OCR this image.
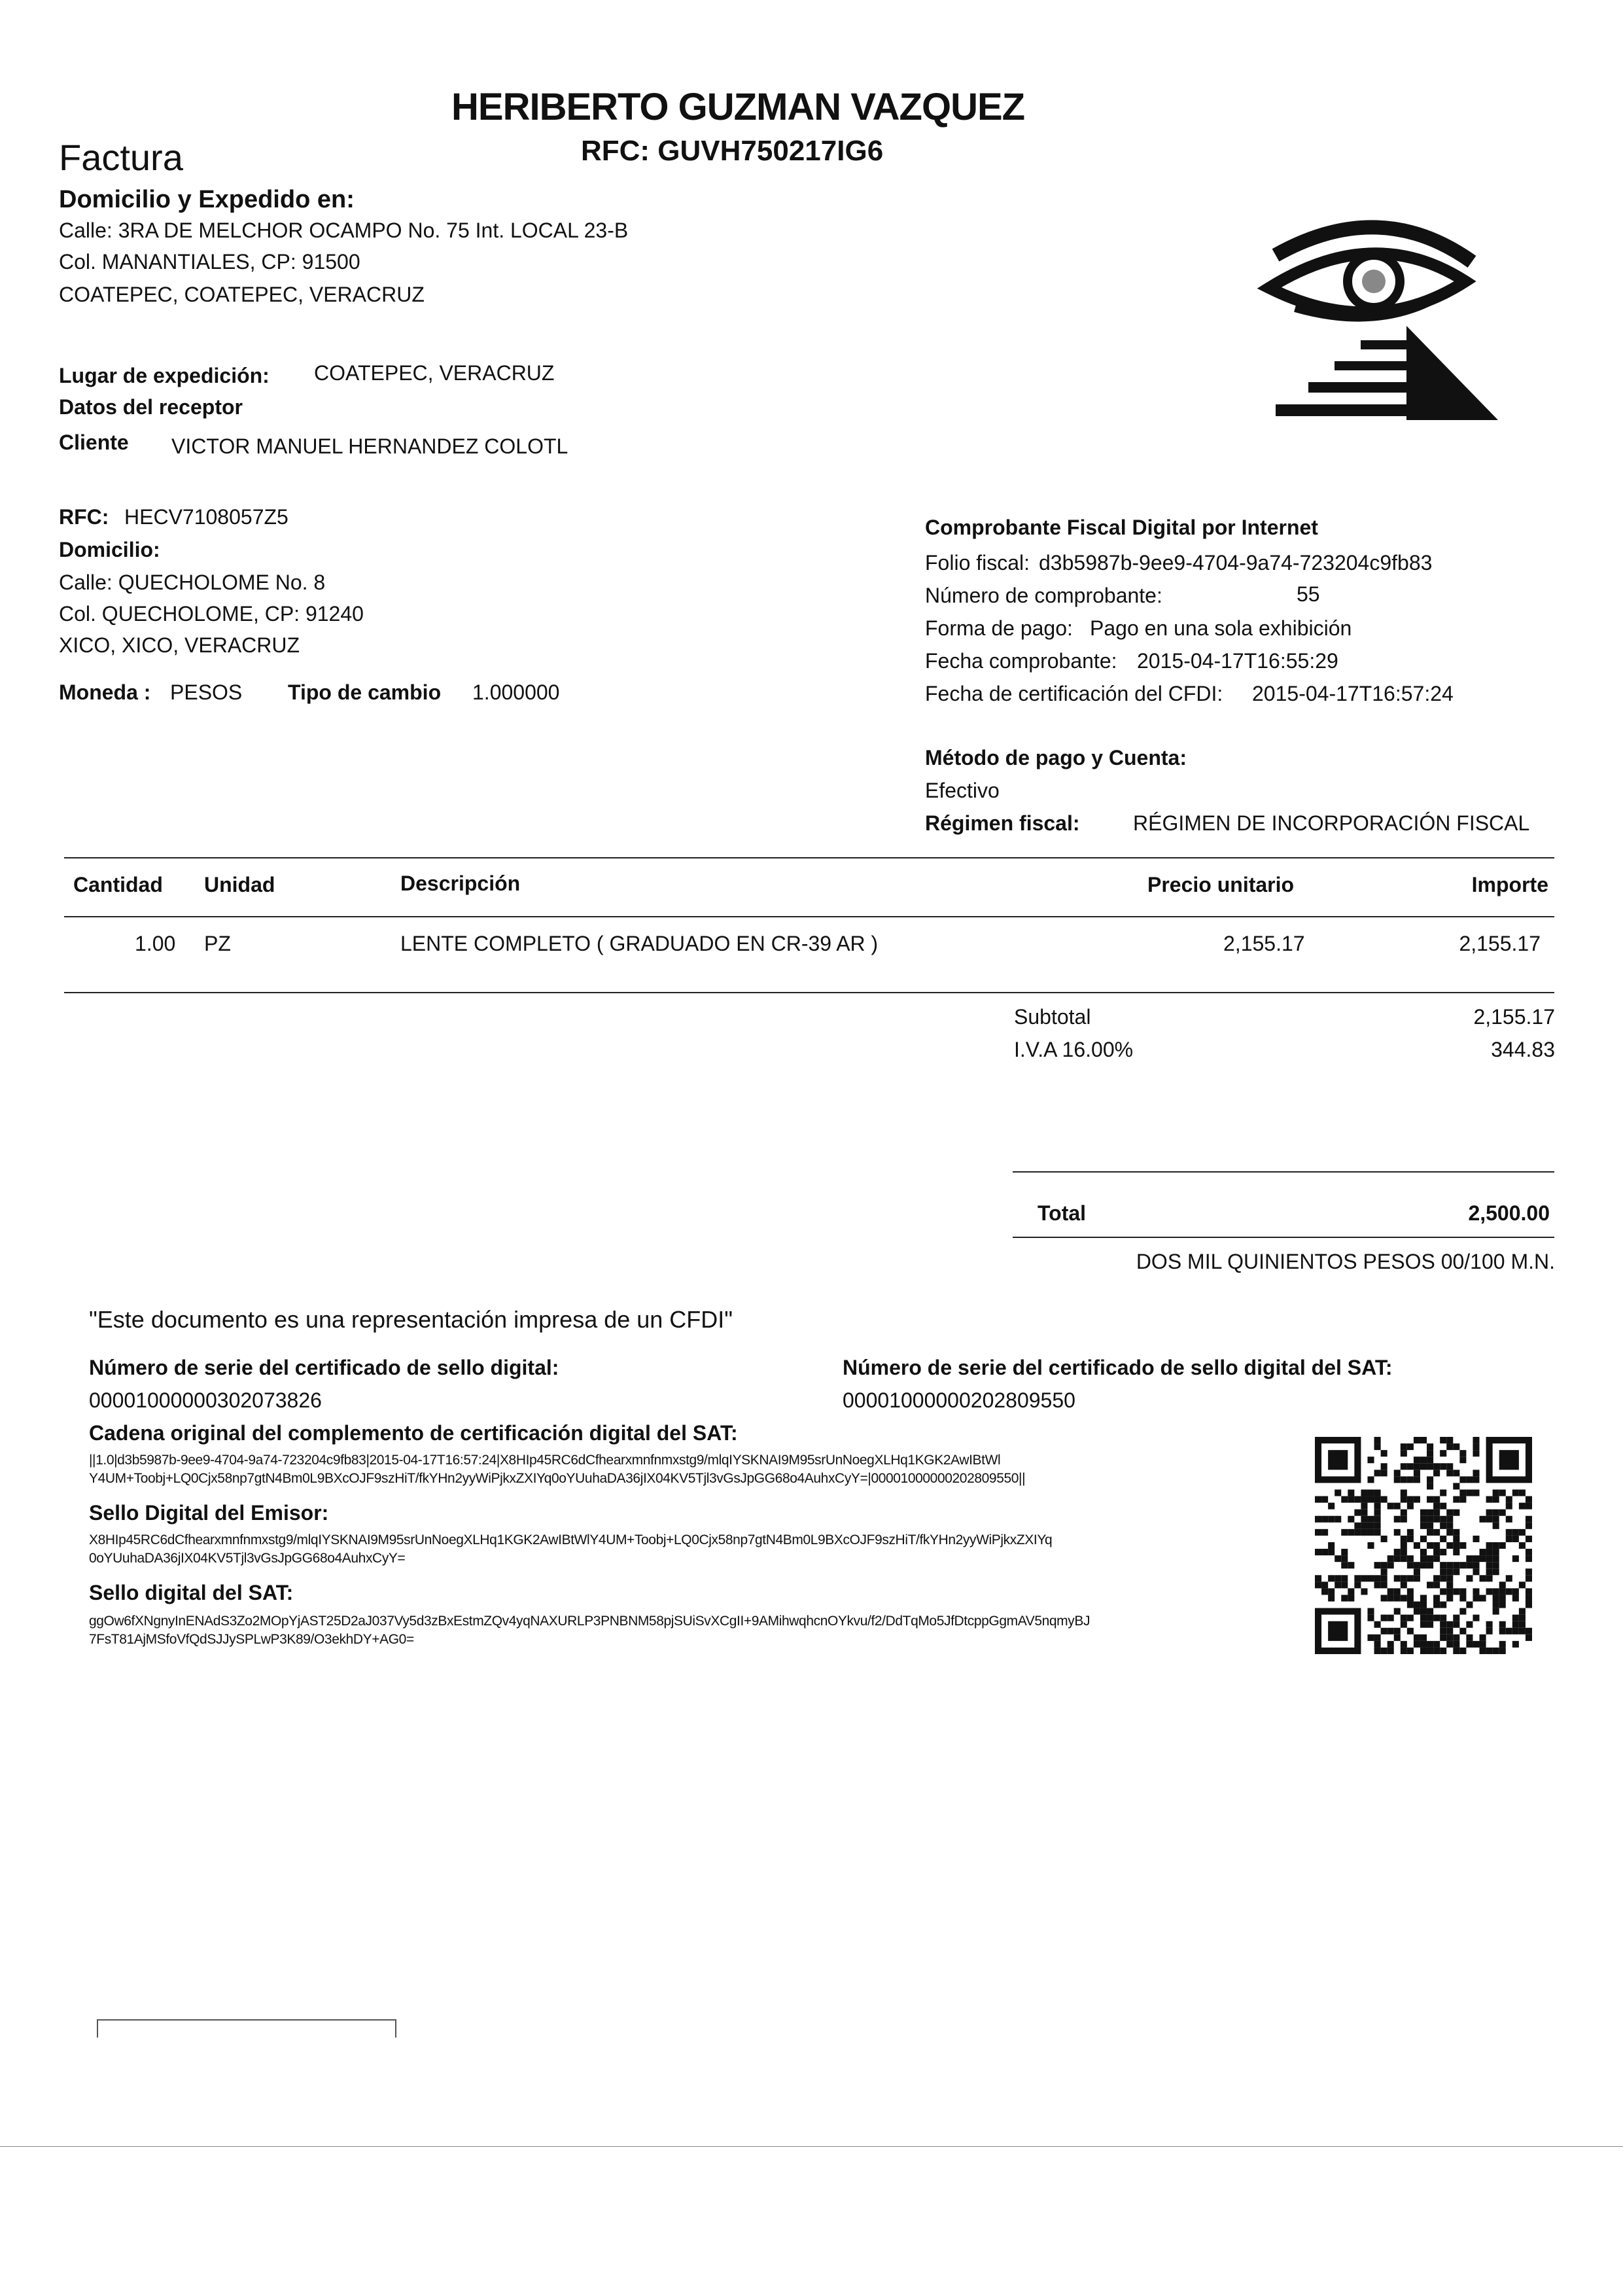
HERIBERTO GUZMAN VAZQUEZ
RFC: GUVH750217IG6
Factura
Domicilio y Expedido en:
Calle: 3RA DE MELCHOR OCAMPO No. 75 Int. LOCAL 23-B
Col. MANANTIALES, CP: 91500
COATEPEC, COATEPEC, VERACRUZ
Lugar de expedición: COATEPEC, VERACRUZ
Datos del receptor
Cliente VICTOR MANUEL HERNANDEZ COLOTL
RFC: HECV7108057Z5
Domicilio:
Calle: QUECHOLOME No. 8
Col. QUECHOLOME, CP: 91240
XICO, XICO, VERACRUZ
Moneda : PESOS Tipo de cambio 1.000000
Comprobante Fiscal Digital por Internet
Folio fiscal: d3b5987b-9ee9-4704-9a74-723204c9fb83
Número de comprobante:	55
Forma de pago: Pago en una sola exhibición
Fecha comprobante: 2015-04-17T16:55:29
Fecha de certificación del CFDI: 2015-04-17T16:57:24
Método de pago y Cuenta:
Efectivo
Régimen fiscal:	RÉGIMEN DE INCORPORACIÓN FISCAL
Cantidad Unidad	Descripción	Precio unitario	Importe
1.00 PZ	LENTE COMPLETO ( GRADUADO EN CR-39 AR )	2,155.17	2,155.17
Subtotal	2,155.17
I.V.A 16.00%	344.83
Total	2,500.00
DOS MIL QUINIENTOS PESOS 00/100 M.N.
"Este documento es una representación impresa de un CFDI"
Número de serie del certificado de sello digital:
00001000000302073826
Número de serie del certificado de sello digital del SAT:
00001000000202809550
Cadena original del complemento de certificación digital del SAT:
||1.0|d3b5987b-9ee9-4704-9a74-723204c9fb83|2015-04-17T16:57:24|X8HIp45RC6dCfhearxmnfnmxstg9/mlqIYSKNAI9M95srUnNoegXLHq1KGK2AwIBtWl
Y4UM+Toobj+LQ0Cjx58np7gtN4Bm0L9BXcOJF9szHiT/fkYHn2yyWiPjkxZXIYq0oYUuhaDA36jIX04KV5Tjl3vGsJpGG68o4AuhxCyY=|00001000000202809550||
Sello Digital del Emisor:
X8HIp45RC6dCfhearxmnfnmxstg9/mlqIYSKNAI9M95srUnNoegXLHq1KGK2AwIBtWlY4UM+Toobj+LQ0Cjx58np7gtN4Bm0L9BXcOJF9szHiT/fkYHn2yyWiPjkxZXIYq
0oYUuhaDA36jIX04KV5Tjl3vGsJpGG68o4AuhxCyY=
Sello digital del SAT:
ggOw6fXNgnyInENAdS3Zo2MOpYjAST25D2aJ037Vy5d3zBxEstmZQv4yqNAXURLP3PNBNM58pjSUiSvXCgII+9AMihwqhcnOYkvu/f2/DdTqMo5JfDtcppGgmAV5nqmyBJ
7FsT81AjMSfoVfQdSJJySPLwP3K89/O3ekhDY+AG0=
